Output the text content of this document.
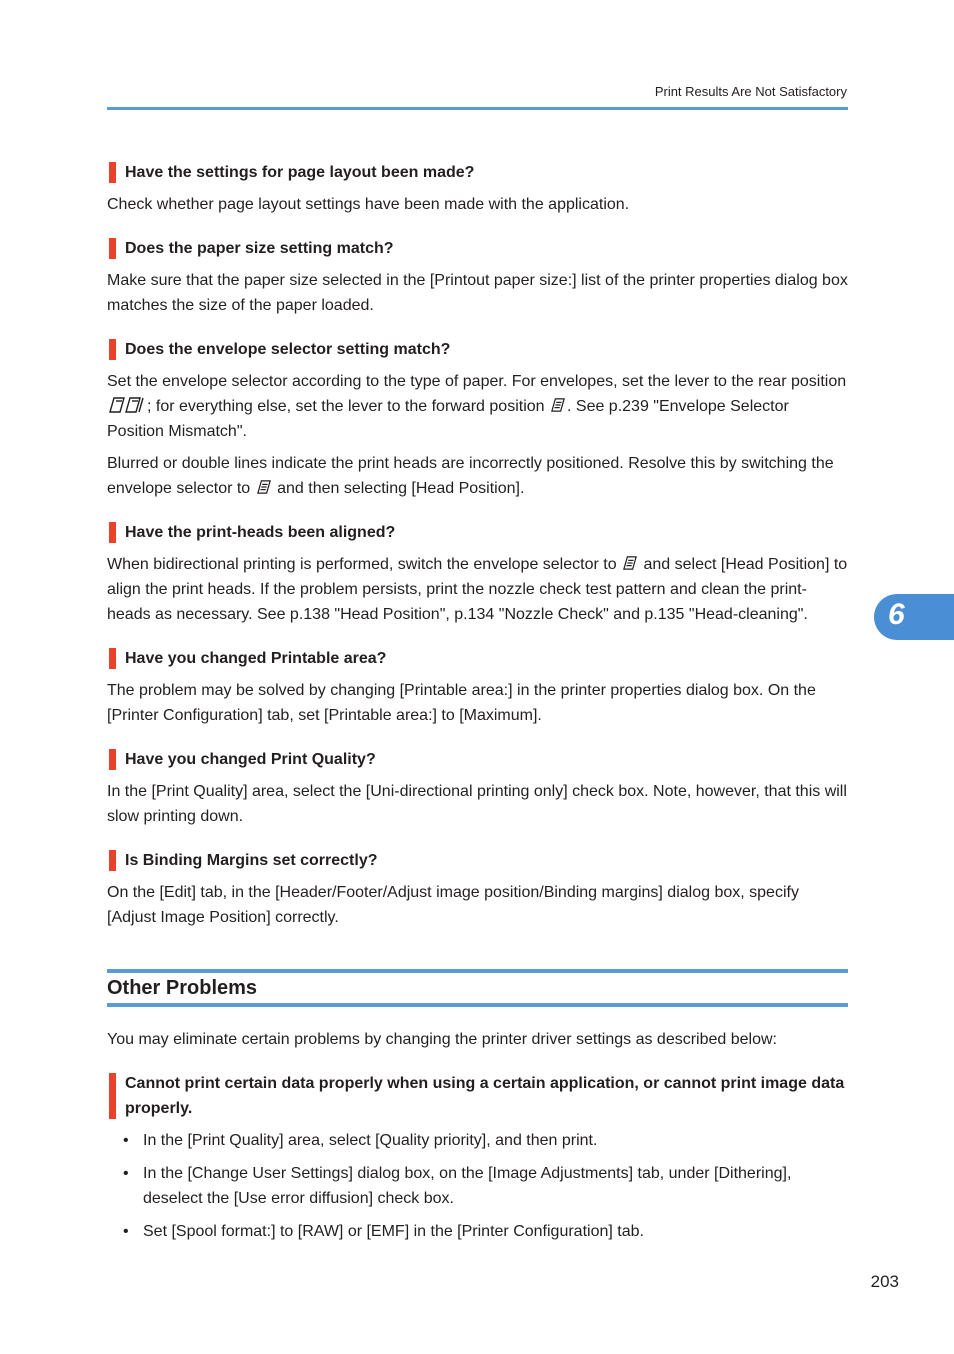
Print Results Are Not Satisfactory
6
Have the settings for page layout been made?

Check whether page layout settings have been made with the application.

Does the paper size setting match?

Make sure that the paper size selected in the [Printout paper size:] list of the printer properties dialog box matches the size of the paper loaded.

Does the envelope selector setting match?

Set the envelope selector according to the type of paper. For envelopes, set the lever to the rear position ; for everything else, set the lever to the forward position . See p.239 "Envelope Selector Position Mismatch".

Blurred or double lines indicate the print heads are incorrectly positioned. Resolve this by switching the envelope selector to and then selecting [Head Position].

Have the print-heads been aligned?

When bidirectional printing is performed, switch the envelope selector to and select [Head Position] to align the print heads. If the problem persists, print the nozzle check test pattern and clean the print-heads as necessary. See p.138 "Head Position", p.134 "Nozzle Check" and p.135 "Head-cleaning".

Have you changed Printable area?

The problem may be solved by changing [Printable area:] in the printer properties dialog box. On the [Printer Configuration] tab, set [Printable area:] to [Maximum].

Have you changed Print Quality?

In the [Print Quality] area, select the [Uni-directional printing only] check box. Note, however, that this will slow printing down.

Is Binding Margins set correctly?

On the [Edit] tab, in the [Header/Footer/Adjust image position/Binding margins] dialog box, specify [Adjust Image Position] correctly.

Other Problems

You may eliminate certain problems by changing the printer driver settings as described below:

Cannot print certain data properly when using a certain application, or cannot print image data properly.
• In the [Print Quality] area, select [Quality priority], and then print.
• In the [Change User Settings] dialog box, on the [Image Adjustments] tab, under [Dithering], deselect the [Use error diffusion] check box.
• Set [Spool format:] to [RAW] or [EMF] in the [Printer Configuration] tab.
203
